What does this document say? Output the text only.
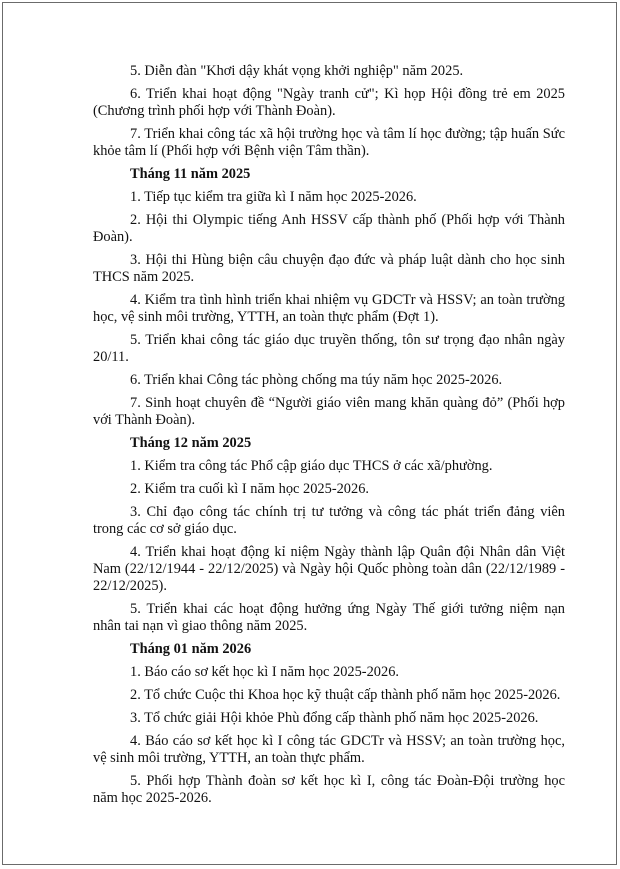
5. Diễn đàn "Khơi dậy khát vọng khởi nghiệp" năm 2025.

6. Triển khai hoạt động "Ngày tranh cử"; Kì họp Hội đồng trẻ em 2025 (Chương trình phối hợp với Thành Đoàn).

7. Triển khai công tác xã hội trường học và tâm lí học đường; tập huấn Sức khỏe tâm lí (Phối hợp với Bệnh viện Tâm thần).

Tháng 11 năm 2025

1. Tiếp tục kiểm tra giữa kì I năm học 2025-2026.

2. Hội thi Olympic tiếng Anh HSSV cấp thành phố (Phối hợp với Thành Đoàn).

3. Hội thi Hùng biện câu chuyện đạo đức và pháp luật dành cho học sinh THCS năm 2025.

4. Kiểm tra tình hình triển khai nhiệm vụ GDCTr và HSSV; an toàn trường học, vệ sinh môi trường, YTTH, an toàn thực phẩm (Đợt 1).

5. Triển khai công tác giáo dục truyền thống, tôn sư trọng đạo nhân ngày 20/11.

6. Triển khai Công tác phòng chống ma túy năm học 2025-2026.

7. Sinh hoạt chuyên đề “Người giáo viên mang khăn quàng đỏ” (Phối hợp với Thành Đoàn).

Tháng 12 năm 2025

1. Kiểm tra công tác Phổ cập giáo dục THCS ở các xã/phường.

2. Kiểm tra cuối kì I năm học 2025-2026.

3. Chỉ đạo công tác chính trị tư tưởng và công tác phát triển đảng viên trong các cơ sở giáo dục.

4. Triển khai hoạt động kỉ niệm Ngày thành lập Quân đội Nhân dân Việt Nam (22/12/1944 - 22/12/2025) và Ngày hội Quốc phòng toàn dân (22/12/1989 - 22/12/2025).

5. Triển khai các hoạt động hưởng ứng Ngày Thế giới tưởng niệm nạn nhân tai nạn vì giao thông năm 2025.

Tháng 01 năm 2026

1. Báo cáo sơ kết học kì I năm học 2025-2026.

2. Tổ chức Cuộc thi Khoa học kỹ thuật cấp thành phố năm học 2025-2026.

3. Tổ chức giải Hội khỏe Phù đổng cấp thành phố năm học 2025-2026.

4. Báo cáo sơ kết học kì I công tác GDCTr và HSSV; an toàn trường học, vệ sinh môi trường, YTTH, an toàn thực phẩm.

5. Phối hợp Thành đoàn sơ kết học kì I, công tác Đoàn-Đội trường học năm học 2025-2026.
